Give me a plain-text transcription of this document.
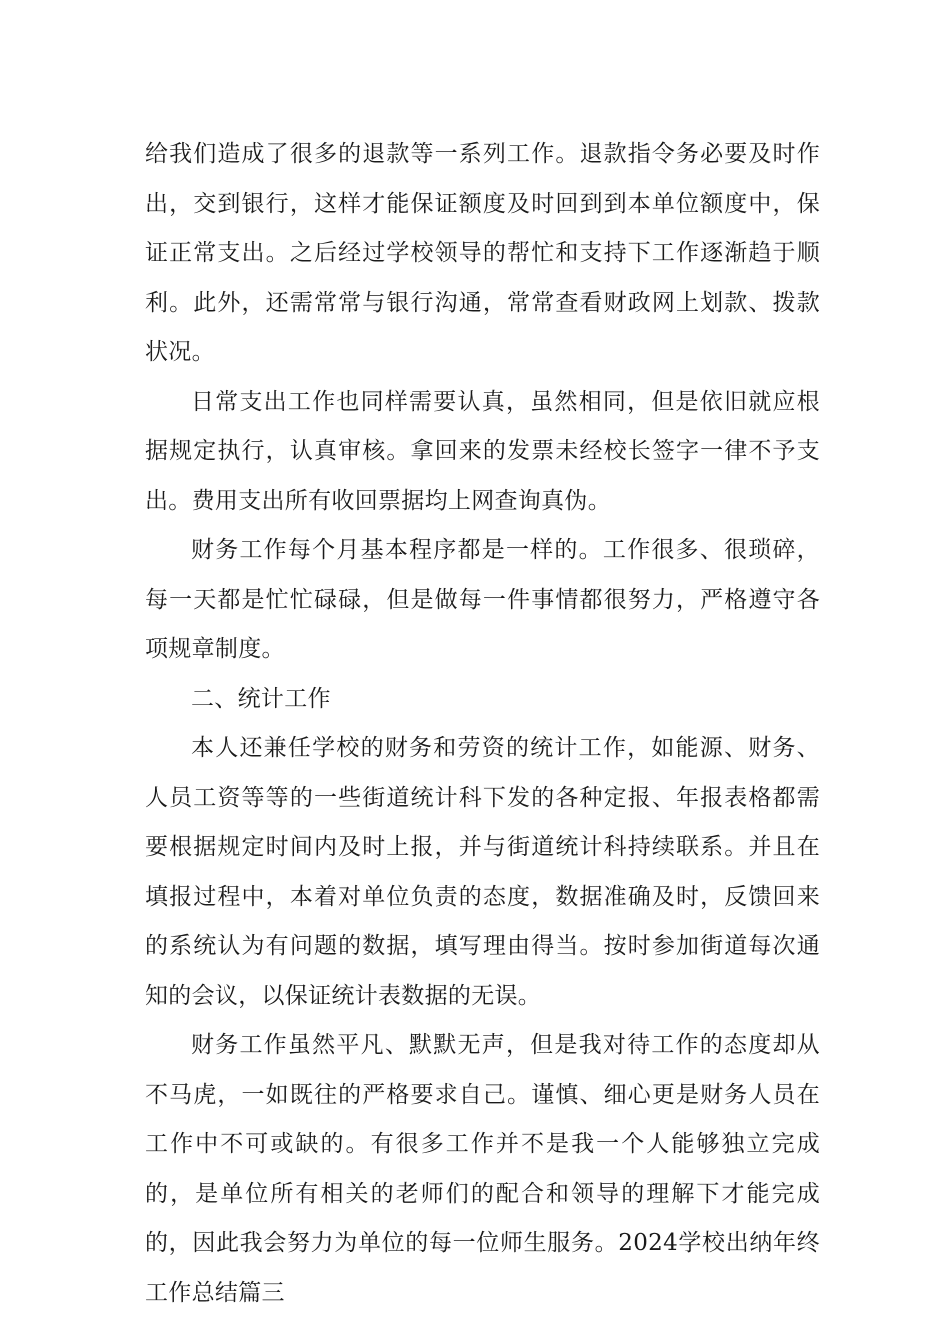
给我们造成了很多的退款等一系列工作。退款指令务必要及时作出，交到银行，这样才能保证额度及时回到到本单位额度中，保证正常支出。之后经过学校领导的帮忙和支持下工作逐渐趋于顺利。此外，还需常常与银行沟通，常常查看财政网上划款、拨款状况。

日常支出工作也同样需要认真，虽然相同，但是依旧就应根据规定执行，认真审核。拿回来的发票未经校长签字一律不予支出。费用支出所有收回票据均上网查询真伪。

财务工作每个月基本程序都是一样的。工作很多、很琐碎，每一天都是忙忙碌碌，但是做每一件事情都很努力，严格遵守各项规章制度。

二、统计工作

本人还兼任学校的财务和劳资的统计工作，如能源、财务、人员工资等等的一些街道统计科下发的各种定报、年报表格都需要根据规定时间内及时上报，并与街道统计科持续联系。并且在填报过程中，本着对单位负责的态度，数据准确及时，反馈回来的系统认为有问题的数据，填写理由得当。按时参加街道每次通知的会议，以保证统计表数据的无误。

财务工作虽然平凡、默默无声，但是我对待工作的态度却从不马虎，一如既往的严格要求自己。谨慎、细心更是财务人员在工作中不可或缺的。有很多工作并不是我一个人能够独立完成的，是单位所有相关的老师们的配合和领导的理解下才能完成的，因此我会努力为单位的每一位师生服务。2024学校出纳年终工作总结篇三
